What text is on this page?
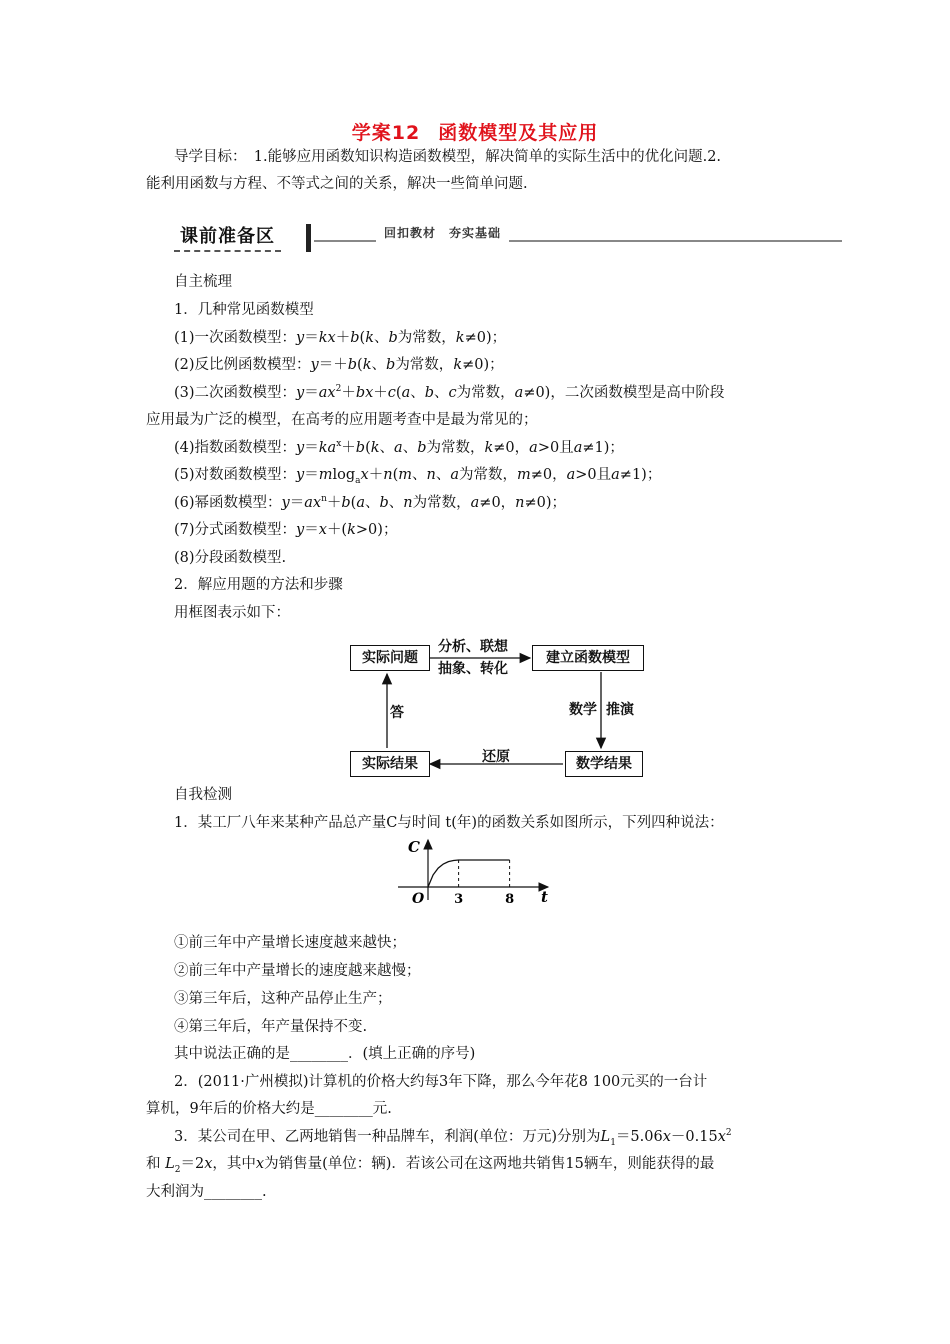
学案12 函数模型及其应用
导学目标：　1.能够应用函数知识构造函数模型，解决简单的实际生活中的优化问题.2.
能利用函数与方程、不等式之间的关系，解决一些简单问题.
课前准备区	回扣教材　夯实基础
自主梳理
1．几种常见函数模型
(1)一次函数模型：y＝kx＋b(k、b为常数，k≠0)；
(2)反比例函数模型：y＝＋b(k、b为常数，k≠0)；
(3)二次函数模型：$y=ax^2+bx+c(a$、b、c为常数，a≠0)，二次函数模型是高中阶段
应用最为广泛的模型，在高考的应用题考查中是最为常见的；
(4)指数函数模型：$y=ka^x+b(k$、a、b为常数，k≠0，a>0且a≠1)；
(5)对数函数模型：y＝mlog$_a$x＋n(m、n、a为常数，m≠0，a>0且a≠1)；
(6)幂函数模型：$y=ax^n+b(a$、b、n为常数，a≠0，n≠0)；
(7)分式函数模型：y＝x＋(k>0)；
(8)分段函数模型.
2．解应用题的方法和步骤
用框图表示如下：
实际问题	建立函数模型
数学结果
实际结果
分析、联想
抽象、转化
数学 推演
还原
答
自我检测
1．某工厂八年来某种产品总产量C与时间 t(年)的函数关系如图所示，下列四种说法：
C
t
O 3	8
①前三年中产量增长速度越来越快；
②前三年中产量增长的速度越来越慢；
③第三年后，这种产品停止生产；
④第三年后，年产量保持不变.
其中说法正确的是________．(填上正确的序号)
2．(2011·广州模拟)计算机的价格大约每3年下降，那么今年花8 100元买的一台计
算机，9年后的价格大约是________元.
3．某公司在甲、乙两地销售一种品牌车，利润(单位：万元)分别为$L_1=5.06x-0.15x^2$
和 $L_2=2x$，其中x为销售量(单位：辆)．若该公司在这两地共销售15辆车，则能获得的最
大利润为________.
